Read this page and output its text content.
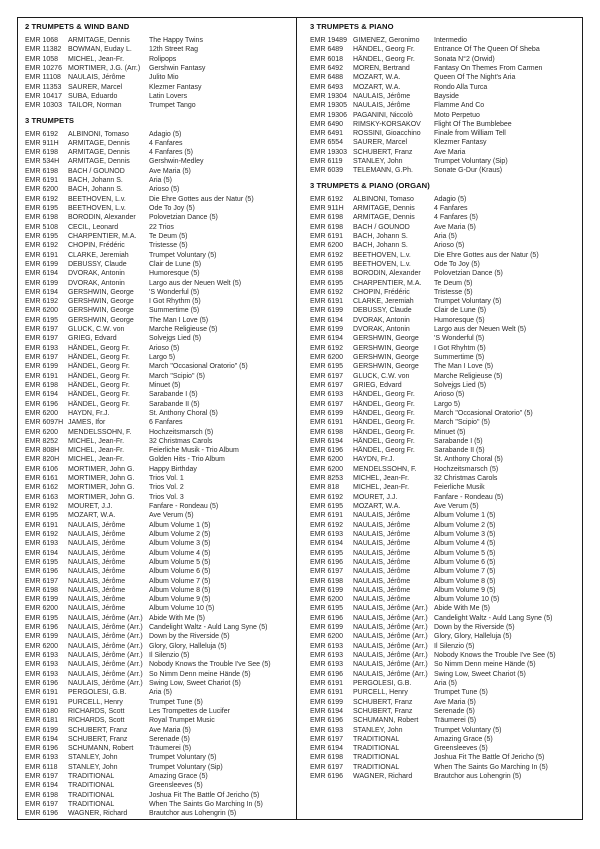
2 TRUMPETS & WIND BAND
EMR 1068	ARMITAGE, Dennis	The Happy Twins
EMR 11382 BOWMAN, Euday L.	12th Street Rag
EMR 1058	MICHEL, Jean-Fr.	Rolipops
EMR 10276 MORTIMER, J.G. (Arr.)	Gershwin Fantasy
EMR 11108	NAULAIS, Jérôme	Julito Mio
EMR 11353 SAURER, Marcel	Klezmer Fantasy
EMR 10417 SUBA, Eduardo	Latin Lovers
EMR 10303 TAILOR, Norman	Trumpet Tango
3 TRUMPETS
EMR 6192	ALBINONI, Tomaso	Adagio (5)
EMR 911H	ARMITAGE, Dennis	4 Fanfares
EMR 6198	ARMITAGE, Dennis	4 Fanfares (5)
EMR 534H	ARMITAGE, Dennis	Gershwin-Medley
EMR 6198	BACH / GOUNOD	Ave Maria (5)
EMR 6191	BACH, Johann S.	Aria (5)
EMR 6200	BACH, Johann S.	Arioso (5)
EMR 6192	BEETHOVEN, L.v.	Die Ehre Gottes aus der Natur (5)
EMR 6195	BEETHOVEN, L.v.	Ode To Joy (5)
EMR 6198	BORODIN, Alexander	Polovetzian Dance (5)
EMR 5108	CECIL, Leonard	22 Trios
EMR 6195	CHARPENTIER, M.A.	Te Deum (5)
EMR 6192	CHOPIN, Frédéric	Tristesse (5)
EMR 6191	CLARKE, Jeremiah	Trumpet Voluntary (5)
EMR 6199	DEBUSSY, Claude	Clair de Lune (5)
EMR 6194	DVORAK, Antonin	Humoresque (5)
EMR 6199	DVORAK, Antonin	Largo aus der Neuen Welt (5)
EMR 6194	GERSHWIN, George	'S Wonderful (5)
EMR 6192	GERSHWIN, George	I Got Rhythm (5)
EMR 6200	GERSHWIN, George	Summertime (5)
EMR 6195	GERSHWIN, George	The Man I Love (5)
EMR 6197	GLUCK, C.W. von	Marche Religieuse (5)
EMR 6197	GRIEG, Edvard	Solvejgs Lied (5)
EMR 6193	HÄNDEL, Georg Fr.	Arioso (5)
EMR 6197	HÄNDEL, Georg Fr.	Largo 5)
EMR 6199	HÄNDEL, Georg Fr.	March "Occasional Oratorio" (5)
EMR 6191	HÄNDEL, Georg Fr.	March "Scipio" (5)
EMR 6198	HÄNDEL, Georg Fr.	Minuet (5)
EMR 6194	HÄNDEL, Georg Fr.	Sarabande I (5)
EMR 6196	HÄNDEL, Georg Fr.	Sarabande II (5)
EMR 6200	HAYDN, Fr.J.	St. Anthony Choral (5)
EMR 6097H JAMES, Ifor	6 Fanfares
EMR 6200	MENDELSSOHN, F.	Hochzeitsmarsch (5)
EMR 8252	MICHEL, Jean-Fr.	32 Christmas Carols
EMR 808H	MICHEL, Jean-Fr.	Feierliche Musik - Trio Album
EMR 820H	MICHEL, Jean-Fr.	Golden Hits - Trio Album
EMR 6106	MORTIMER, John G.	Happy Birthday
EMR 6161	MORTIMER, John G.	Trios Vol. 1
EMR 6162	MORTIMER, John G.	Trios Vol. 2
EMR 6163	MORTIMER, John G.	Trios Vol. 3
EMR 6192	MOURET, J.J.	Fanfare - Rondeau (5)
EMR 6195	MOZART, W.A.	Ave Verum (5)
EMR 6191	NAULAIS, Jérôme	Album Volume 1 (5)
EMR 6192	NAULAIS, Jérôme	Album Volume 2 (5)
EMR 6193	NAULAIS, Jérôme	Album Volume 3 (5)
EMR 6194	NAULAIS, Jérôme	Album Volume 4 (5)
EMR 6195	NAULAIS, Jérôme	Album Volume 5 (5)
EMR 6196	NAULAIS, Jérôme	Album Volume 6 (5)
EMR 6197	NAULAIS, Jérôme	Album Volume 7 (5)
EMR 6198	NAULAIS, Jérôme	Album Volume 8 (5)
EMR 6199	NAULAIS, Jérôme	Album Volume 9 (5)
EMR 6200	NAULAIS, Jérôme	Album Volume 10 (5)
EMR 6195	NAULAIS, Jérôme (Arr.) Abide With Me (5)
EMR 6196	NAULAIS, Jérôme (Arr.) Candelight Waltz - Auld Lang Syne (5)
EMR 6199	NAULAIS, Jérôme (Arr.) Down by the Riverside (5)
EMR 6200	NAULAIS, Jérôme (Arr.) Glory, Glory, Halleluja (5)
EMR 6193	NAULAIS, Jérôme (Arr.) Il Silenzio (5)
EMR 6193	NAULAIS, Jérôme (Arr.) Nobody Knows the Trouble I've See (5)
EMR 6193	NAULAIS, Jérôme (Arr.) So Nimm Denn meine Hände (5)
EMR 6196	NAULAIS, Jérôme (Arr.) Swing Low, Sweet Chariot (5)
EMR 6191	PERGOLESI, G.B.	Aria (5)
EMR 6191	PURCELL, Henry	Trumpet Tune (5)
EMR 6180	RICHARDS, Scott	Les Trompettes de Lucifer
EMR 6181	RICHARDS, Scott	Royal Trumpet Music
EMR 6199	SCHUBERT, Franz	Ave Maria (5)
EMR 6194	SCHUBERT, Franz	Serenade (5)
EMR 6196	SCHUMANN, Robert	Träumerei (5)
EMR 6193	STANLEY, John	Trumpet Voluntary (5)
EMR 6118	STANLEY, John	Trumpet Voluntary (Sip)
EMR 6197	TRADITIONAL	Amazing Grace (5)
EMR 6194	TRADITIONAL	Greensleeves (5)
EMR 6198	TRADITIONAL	Joshua Fit The Battle Of Jericho (5)
EMR 6197	TRADITIONAL	When The Saints Go Marching In (5)
EMR 6196	WAGNER, Richard	Brautchor aus Lohengrin (5)
3 TRUMPETS & PIANO
EMR 19489 GIMENEZ, Geronimo	Intermedio
EMR 6489	HÄNDEL, Georg Fr.	Entrance Of The Queen Of Sheba
EMR 6018	HÄNDEL, Georg Fr.	Sonata N°2 (Orwid)
EMR 6492	MOREN, Bertrand	Fantasy On Themes From Carmen
EMR 6488	MOZART, W.A.	Queen Of The Night's Aria
EMR 6493	MOZART, W.A.	Rondo Alla Turca
EMR 19304 NAULAIS, Jérôme	Bayside
EMR 19305 NAULAIS, Jérôme	Flamme And Co
EMR 19306 PAGANINI, Niccolò	Moto Perpetuo
EMR 6490	RIMSKY-KORSAKOV	Flight Of The Bumblebee
EMR 6491	ROSSINI, Gioacchino	Finale from William Tell
EMR 6554	SAURER, Marcel	Klezmer Fantasy
EMR 19303 SCHUBERT, Franz	Ave Maria
EMR 6119	STANLEY, John	Trumpet Voluntary (Sip)
EMR 6039	TELEMANN, G.Ph.	Sonate G-Dur (Kraus)
3 TRUMPETS & PIANO (ORGAN)
EMR 6192	ALBINONI, Tomaso	Adagio (5)
EMR 911H	ARMITAGE, Dennis	4 Fanfares
EMR 6198	ARMITAGE, Dennis	4 Fanfares (5)
EMR 6198	BACH / GOUNOD	Ave Maria (5)
EMR 6191	BACH, Johann S.	Aria (5)
EMR 6200	BACH, Johann S.	Arioso (5)
EMR 6192	BEETHOVEN, L.v.	Die Ehre Gottes aus der Natur (5)
EMR 6195	BEETHOVEN, L.v.	Ode To Joy (5)
EMR 6198	BORODIN, Alexander	Polovetzian Dance (5)
EMR 6195	CHARPENTIER, M.A.	Te Deum (5)
EMR 6192	CHOPIN, Frédéric	Tristesse (5)
EMR 6191	CLARKE, Jeremiah	Trumpet Voluntary (5)
EMR 6199	DEBUSSY, Claude	Clair de Lune (5)
EMR 6194	DVORAK, Antonin	Humoresque (5)
EMR 6199	DVORAK, Antonin	Largo aus der Neuen Welt (5)
EMR 6194	GERSHWIN, George	'S Wonderful (5)
EMR 6192	GERSHWIN, George	I Got Rhyhtm (5)
EMR 6200	GERSHWIN, George	Summertime (5)
EMR 6195	GERSHWIN, George	The Man I Love (5)
EMR 6197	GLUCK, C.W. von	Marche Religieuse (5)
EMR 6197	GRIEG, Edvard	Solvejgs Lied (5)
EMR 6193	HÄNDEL, Georg Fr.	Arioso (5)
EMR 6197	HÄNDEL, Georg Fr.	Largo 5)
EMR 6199	HÄNDEL, Georg Fr.	March "Occasional Oratorio" (5)
EMR 6191	HÄNDEL, Georg Fr.	March "Scipio" (5)
EMR 6198	HÄNDEL, Georg Fr.	Minuet (5)
EMR 6194	HÄNDEL, Georg Fr.	Sarabande I (5)
EMR 6196	HÄNDEL, Georg Fr.	Sarabande II (5)
EMR 6200	HAYDN, Fr.J.	St. Anthony Choral (5)
EMR 6200	MENDELSSOHN, F.	Hochzeitsmarsch (5)
EMR 8253	MICHEL, Jean-Fr.	32 Christmas Carols
EMR 818	MICHEL, Jean-Fr.	Feierliche Musik
EMR 6192	MOURET, J.J.	Fanfare - Rondeau (5)
EMR 6195	MOZART, W.A.	Ave Verum (5)
EMR 6191	NAULAIS, Jérôme	Album Volume 1 (5)
EMR 6192	NAULAIS, Jérôme	Album Volume 2 (5)
EMR 6193	NAULAIS, Jérôme	Album Volume 3 (5)
EMR 6194	NAULAIS, Jérôme	Album Volume 4 (5)
EMR 6195	NAULAIS, Jérôme	Album Volume 5 (5)
EMR 6196	NAULAIS, Jérôme	Album Volume 6 (5)
EMR 6197	NAULAIS, Jérôme	Album Volume 7 (5)
EMR 6198	NAULAIS, Jérôme	Album Volume 8 (5)
EMR 6199	NAULAIS, Jérôme	Album Volume 9 (5)
EMR 6200	NAULAIS, Jérôme	Album Volume 10 (5)
EMR 6195	NAULAIS, Jérôme (Arr.) Abide With Me (5)
EMR 6196	NAULAIS, Jérôme (Arr.) Candelight Waltz - Auld Lang Syne (5)
EMR 6199	NAULAIS, Jérôme (Arr.) Down by the Riverside (5)
EMR 6200	NAULAIS, Jérôme (Arr.) Glory, Glory, Halleluja (5)
EMR 6193	NAULAIS, Jérôme (Arr.) Il Silenzio (5)
EMR 6193	NAULAIS, Jérôme (Arr.) Nobody Knows the Trouble I've See (5)
EMR 6193	NAULAIS, Jérôme (Arr.) So Nimm Denn meine Hände (5)
EMR 6196	NAULAIS, Jérôme (Arr.) Swing Low, Sweet Chariot (5)
EMR 6191	PERGOLESI, G.B.	Aria (5)
EMR 6191	PURCELL, Henry	Trumpet Tune (5)
EMR 6199	SCHUBERT, Franz	Ave Maria (5)
EMR 6194	SCHUBERT, Franz	Serenade (5)
EMR 6196	SCHUMANN, Robert	Träumerei (5)
EMR 6193	STANLEY, John	Trumpet Voluntary (5)
EMR 6197	TRADITIONAL	Amazing Grace (5)
EMR 6194	TRADITIONAL	Greensleeves (5)
EMR 6198	TRADITIONAL	Joshua Fit The Battle Of Jericho (5)
EMR 6197	TRADITIONAL	When The Saints Go Marching In (5)
EMR 6196	WAGNER, Richard	Brautchor aus Lohengrin (5)
